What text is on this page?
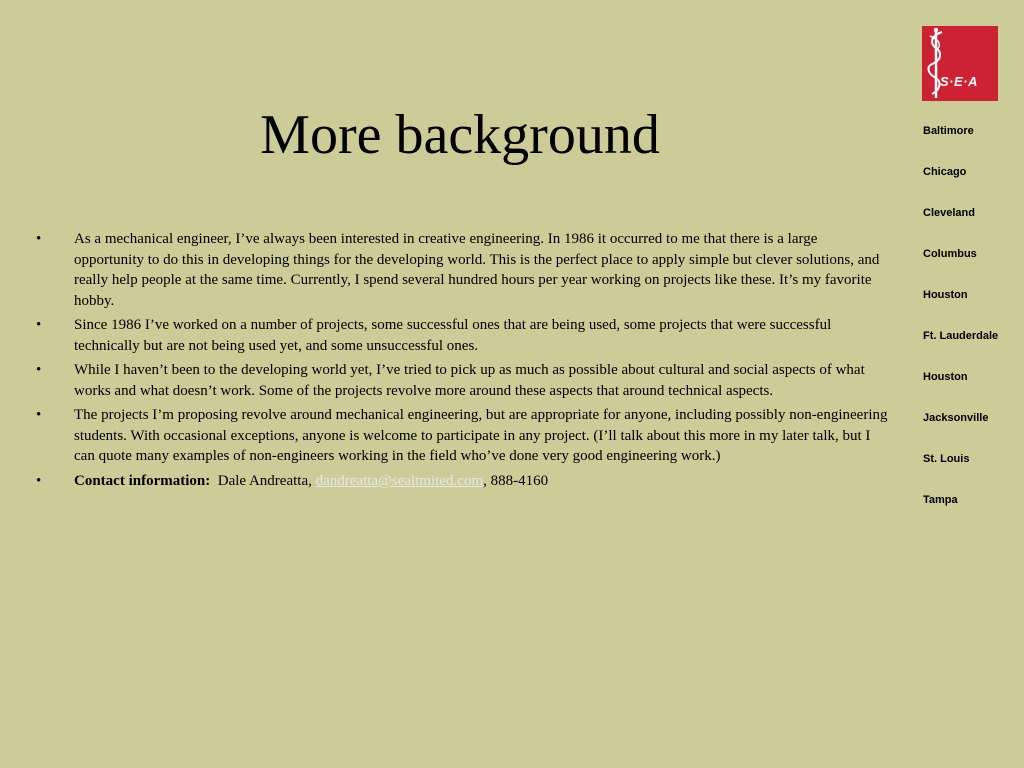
More background
S·E·A
• As a mechanical engineer, I’ve always been interested in creative engineering. In 1986 it occurred to me that there is a large opportunity to do this in developing things for the developing world. This is the perfect place to apply simple but clever solutions, and really help people at the same time. Currently, I spend several hundred hours per year working on projects like these. It’s my favorite hobby.
• Since 1986 I’ve worked on a number of projects, some successful ones that are being used, some projects that were successful technically but are not being used yet, and some unsuccessful ones.
• While I haven’t been to the developing world yet, I’ve tried to pick up as much as possible about cultural and social aspects of what works and what doesn’t work. Some of the projects revolve more around these aspects that around technical aspects.
• The projects I’m proposing revolve around mechanical engineering, but are appropriate for anyone, including possibly non-engineering students. With occasional exceptions, anyone is welcome to participate in any project. (I’ll talk about this more in my later talk, but I can quote many examples of non-engineers working in the field who’ve done very good engineering work.)
• Contact information: Dale Andreatta, dandreatta@sealtmited.com, 888-4160
Baltimore
Chicago
Cleveland
Columbus
Houston
Ft. Lauderdale
Houston
Jacksonville
St. Louis
Tampa
